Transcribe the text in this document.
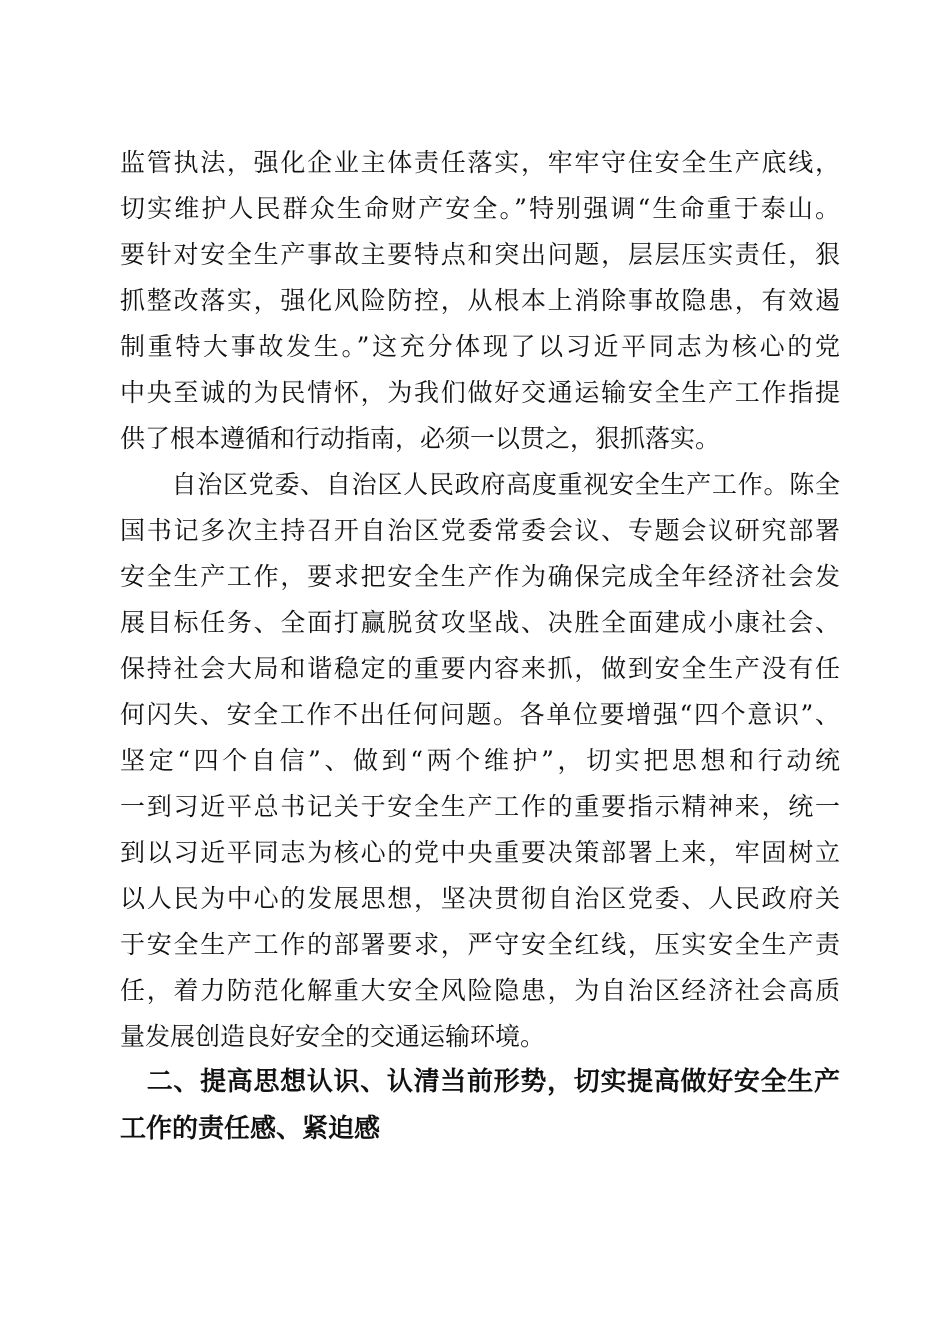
监管执法，强化企业主体责任落实，牢牢守住安全生产底线，
切实维护人民群众生命财产安全。”特别强调“生命重于泰山。
要针对安全生产事故主要特点和突出问题，层层压实责任，狠
抓整改落实，强化风险防控，从根本上消除事故隐患，有效遏
制重特大事故发生。”这充分体现了以习近平同志为核心的党
中央至诚的为民情怀，为我们做好交通运输安全生产工作指提
供了根本遵循和行动指南，必须一以贯之，狠抓落实。
　　自治区党委、自治区人民政府高度重视安全生产工作。陈全
国书记多次主持召开自治区党委常委会议、专题会议研究部署
安全生产工作，要求把安全生产作为确保完成全年经济社会发
展目标任务、全面打赢脱贫攻坚战、决胜全面建成小康社会、
保持社会大局和谐稳定的重要内容来抓，做到安全生产没有任
何闪失、安全工作不出任何问题。各单位要增强“四个意识”、
坚定“四个自信”、做到“两个维护”，切实把思想和行动统
一到习近平总书记关于安全生产工作的重要指示精神来，统一
到以习近平同志为核心的党中央重要决策部署上来，牢固树立
以人民为中心的发展思想，坚决贯彻自治区党委、人民政府关
于安全生产工作的部署要求，严守安全红线，压实安全生产责
任，着力防范化解重大安全风险隐患，为自治区经济社会高质
量发展创造良好安全的交通运输环境。
　二、提高思想认识、认清当前形势，切实提高做好安全生产
工作的责任感、紧迫感
